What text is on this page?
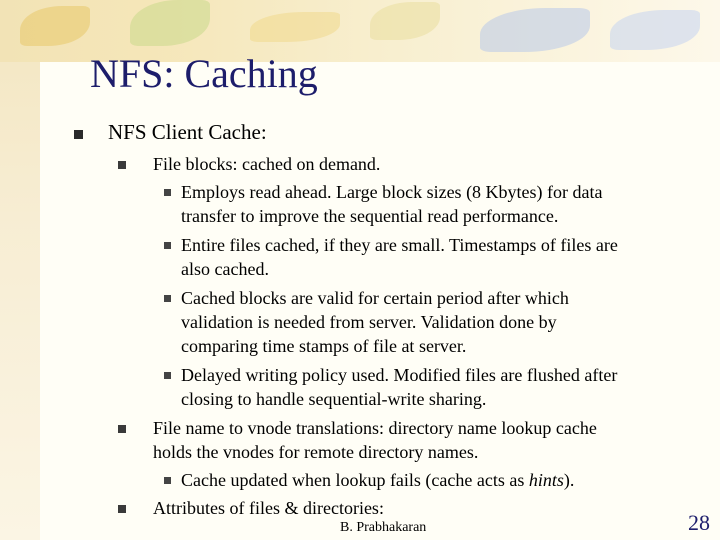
NFS: Caching
NFS Client Cache:
File blocks: cached on demand.
Employs read ahead. Large block sizes (8 Kbytes) for data
transfer to improve the sequential read performance.
Entire files cached, if they are small. Timestamps of files are
also cached.
Cached blocks are valid for certain period after which
validation is needed from server. Validation done by
comparing time stamps of file at server.
Delayed writing policy used. Modified files are flushed after
closing to handle sequential-write sharing.
File name to vnode translations: directory name lookup cache
holds the vnodes for remote directory names.
Cache updated when lookup fails (cache acts as hints).
Attributes of files & directories:
B. Prabhakaran	28
